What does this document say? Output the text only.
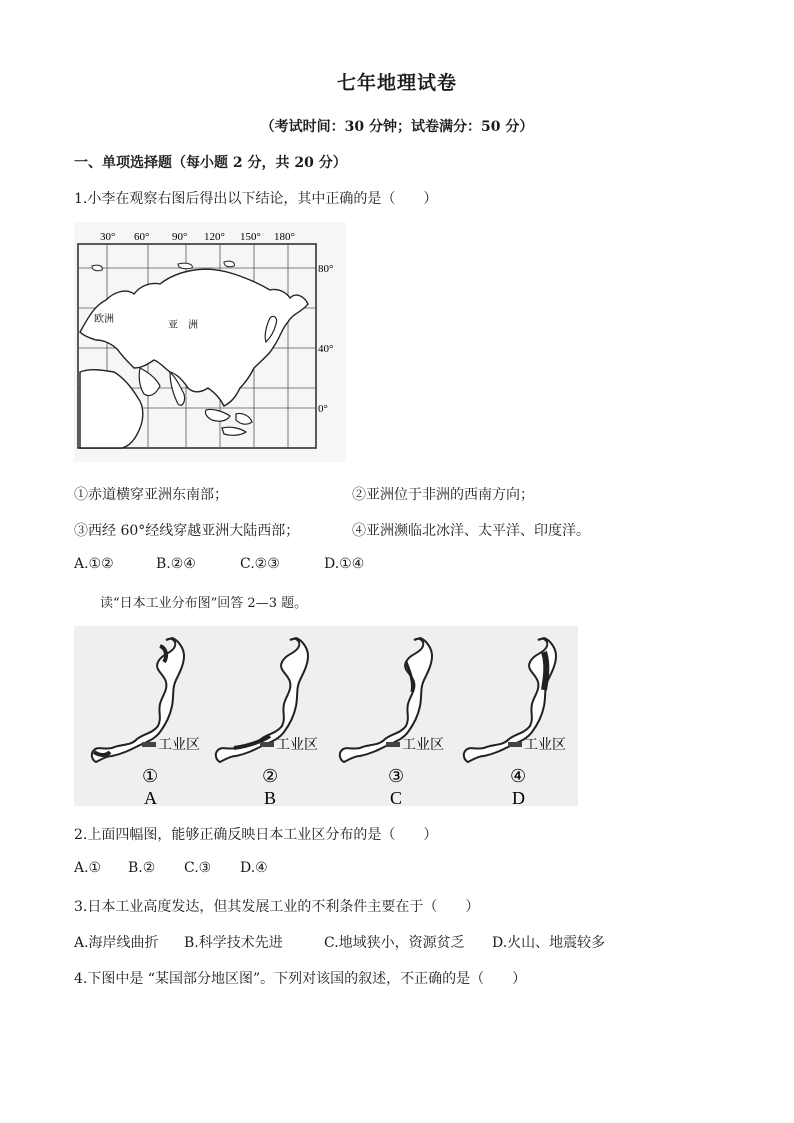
七年地理试卷
（考试时间：30 分钟；试卷满分：50 分）
一、单项选择题（每小题 2 分，共 20 分）
1.小李在观察右图后得出以下结论，其中正确的是（　　）
欧洲
亚　洲
30° 60° 90° 120° 150° 180°
80°
40°
0°
①赤道横穿亚洲东南部；	②亚洲位于非洲的西南方向；
③西经 60°经线穿越亚洲大陆西部；	④亚洲濒临北冰洋、太平洋、印度洋。
A.①②	B.②④	C.②③	D.①④
读“日本工业分布图”回答 2—3 题。
工业区
①
A
工业区
②
B
工业区
③
C
工业区
④
D
2.上面四幅图，能够正确反映日本工业区分布的是（　　）
A.① B.② C.③ D.④
3.日本工业高度发达，但其发展工业的不利条件主要在于（　　）
A.海岸线曲折 B.科学技术先进	C.地域狭小，资源贫乏 D.火山、地震较多
4.下图中是 “某国部分地区图”。下列对该国的叙述，不正确的是（　　）
